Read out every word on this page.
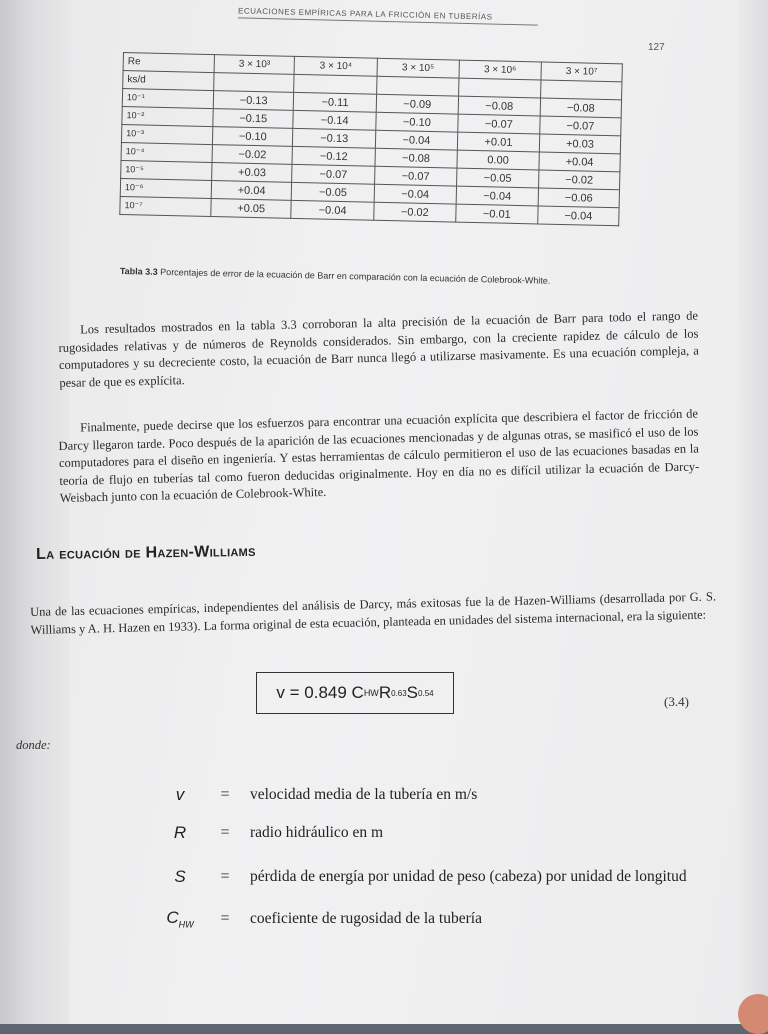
ECUACIONES EMPÍRICAS PARA LA FRICCIÓN EN TUBERÍAS
127
Re	3 × 10³	3 × 10⁴	3 × 10⁵	3 × 10⁶	3 × 10⁷
ks/d					
10⁻¹	−0.13	−0.11	−0.09	−0.08	−0.08
10⁻²	−0.15	−0.14	−0.10	−0.07	−0.07
10⁻³	−0.10	−0.13	−0.04	+0.01	+0.03
10⁻⁴	−0.02	−0.12	−0.08	0.00	+0.04
10⁻⁵	+0.03	−0.07	−0.07	−0.05	−0.02
10⁻⁶	+0.04	−0.05	−0.04	−0.04	−0.06
10⁻⁷	+0.05	−0.04	−0.02	−0.01	−0.04
Tabla 3.3 Porcentajes de error de la ecuación de Barr en comparación con la ecuación de Colebrook-White.

Los resultados mostrados en la tabla 3.3 corroboran la alta precisión de la ecuación de Barr para todo el rango de rugosidades relativas y de números de Reynolds considerados. Sin embargo, con la creciente rapidez de cálculo de los computadores y su decreciente costo, la ecuación de Barr nunca llegó a utilizarse masivamente. Es una ecuación compleja, a pesar de que es explícita.

Finalmente, puede decirse que los esfuerzos para encontrar una ecuación explícita que describiera el factor de fricción de Darcy llegaron tarde. Poco después de la aparición de las ecuaciones mencionadas y de algunas otras, se masificó el uso de los computadores para el diseño en ingeniería. Y estas herramientas de cálculo permitieron el uso de las ecuaciones basadas en la teoría de flujo en tuberías tal como fueron deducidas originalmente. Hoy en día no es difícil utilizar la ecuación de Darcy-Weisbach junto con la ecuación de Colebrook-White.

La ecuación de Hazen-Williams

Una de las ecuaciones empíricas, independientes del análisis de Darcy, más exitosas fue la de Hazen-Williams (desarrollada por G. S. Williams y A. H. Hazen en 1933). La forma original de esta ecuación, planteada en unidades del sistema internacional, era la siguiente:

v = 0.849 C HW R 0.63 S 0.54
(3.4)
donde:
v	=	velocidad media de la tubería en m/s
R	=	radio hidráulico en m
S	=	pérdida de energía por unidad de peso (cabeza) por unidad de longitud
$C_{HW}$	=	coeficiente de rugosidad de la tubería
